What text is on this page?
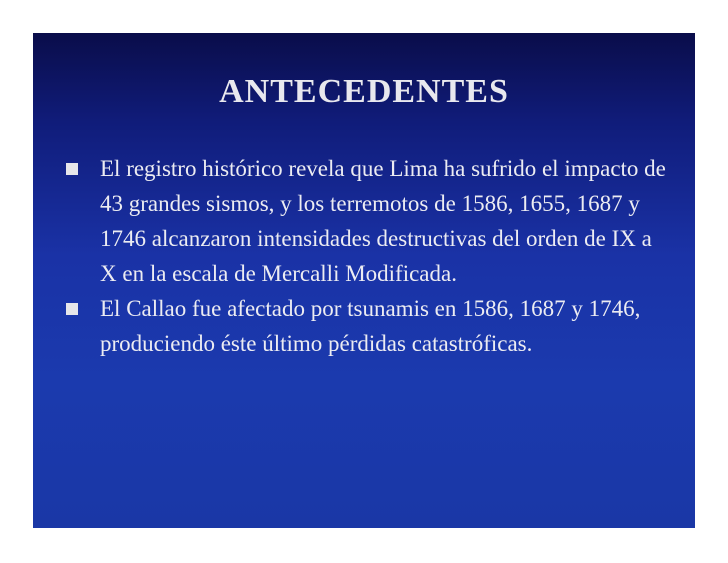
ANTECEDENTES
El registro histórico revela que Lima ha sufrido el impacto de 43 grandes sismos, y los terremotos de 1586, 1655, 1687 y 1746 alcanzaron intensidades destructivas del orden de IX a X en la escala de Mercalli Modificada.
El Callao fue afectado por tsunamis en 1586, 1687 y 1746, produciendo éste último pérdidas catastróficas.
